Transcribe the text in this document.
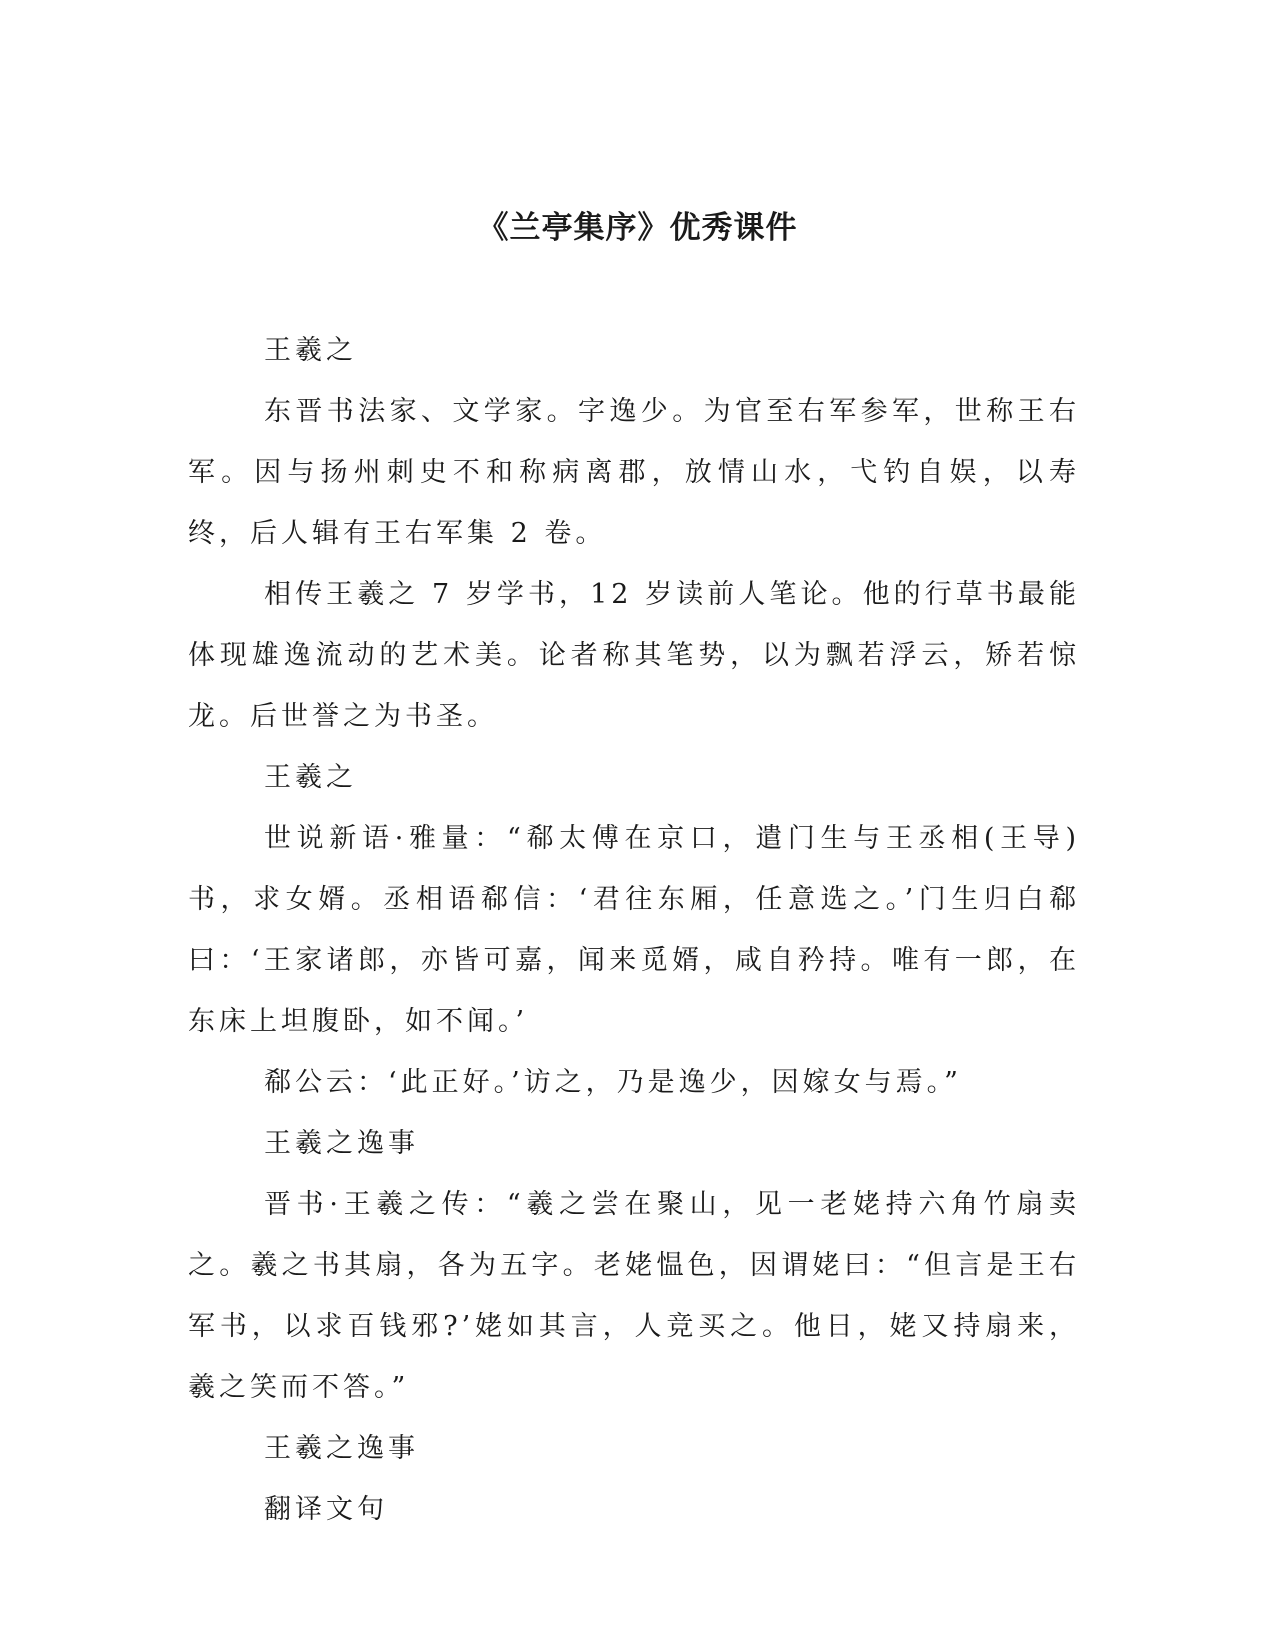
《兰亭集序》优秀课件

王羲之

东晋书法家、文学家。字逸少。为官至右军参军，世称王右军。因与扬州刺史不和称病离郡，放情山水，弋钓自娱，以寿终，后人辑有王右军集 2 卷。

相传王羲之 7 岁学书，12 岁读前人笔论。他的行草书最能体现雄逸流动的艺术美。论者称其笔势，以为飘若浮云，矫若惊龙。后世誉之为书圣。

王羲之

世说新语·雅量：“郗太傅在京口，遣门生与王丞相(王导)书，求女婿。丞相语郗信：‘君往东厢，任意选之。’门生归白郗曰：‘王家诸郎，亦皆可嘉，闻来觅婿，咸自矜持。唯有一郎，在东床上坦腹卧，如不闻。’

郗公云：‘此正好。’访之，乃是逸少，因嫁女与焉。”

王羲之逸事

晋书·王羲之传：“羲之尝在聚山，见一老姥持六角竹扇卖之。羲之书其扇，各为五字。老姥愠色，因谓姥曰：“但言是王右军书，以求百钱邪?’姥如其言，人竞买之。他日，姥又持扇来，羲之笑而不答。”

王羲之逸事

翻译文句
